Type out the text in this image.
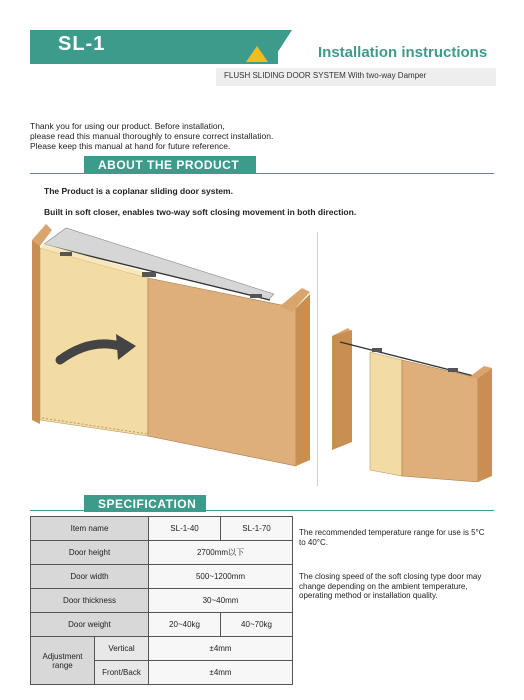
SL-1	Installation instructions
FLUSH SLIDING DOOR SYSTEM With two-way Damper
Thank you for using our product. Before installation,
please read this manual thoroughly to ensure correct installation.
Please keep this manual at hand for future reference.
ABOUT THE PRODUCT
The Product is a coplanar sliding door system.
Built in soft closer, enables two-way soft closing movement in both direction.
SPECIFICATION
Item name		SL-1-40	SL-1-70
Door height		2700mm以下	
Door width		500~1200mm	
Door thickness		30~40mm	
Door weight		20~40kg	40~70kg
Adjustment range	Vertical	±4mm	
	Front/Back	±4mm	
The recommended temperature range for use is 5°C to 40°C.
The closing speed of the soft closing type door may change depending on the ambient temperature, operating method or installation quality.
